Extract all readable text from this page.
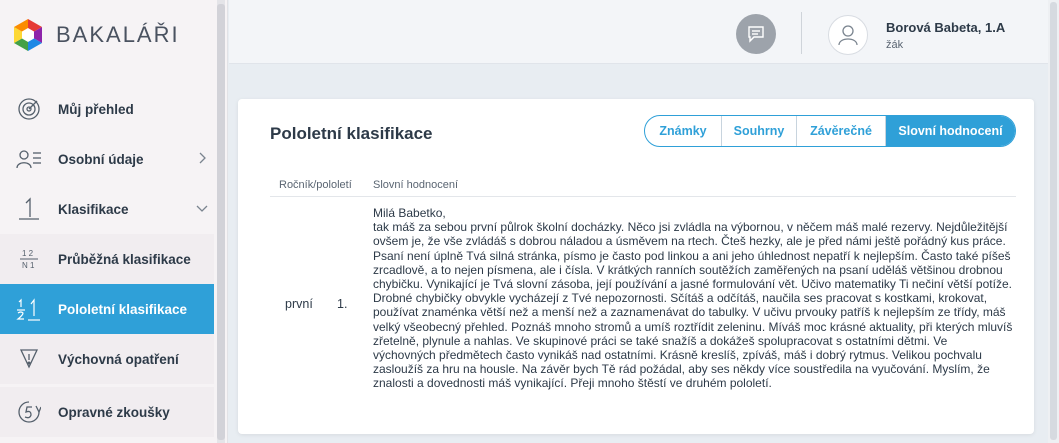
BAKALÁŘI
Můj přehled
Osobní údaje
Klasifikace
1 2
N 1 Průběžná klasifikace
Pololetní klasifikace
Výchovná opatření
Opravné zkoušky
Borová Babeta, 1.A
žák
Pololetní klasifikace	Známky	Souhrny	Závěrečné	Slovní hodnocení
Ročník/pololetí Slovní hodnocení
první 1.
Milá Babetko,
tak máš za sebou první půlrok školní docházky. Něco jsi zvládla na výbornou, v něčem máš malé rezervy. Nejdůležitější ovšem je, že vše zvládáš s dobrou náladou a úsměvem na rtech. Čteš hezky, ale je před námi ještě pořádný kus práce. Psaní není úplně Tvá silná stránka, písmo je často pod linkou a ani jeho úhlednost nepatří k nejlepším. Často také píšeš zrcadlově, a to nejen písmena, ale i čísla. V krátkých ranních soutěžích zaměřených na psaní uděláš většinou drobnou chybičku. Vynikající je Tvá slovní zásoba, její používání a jasné formulování vět. Učivo matematiky Ti nečiní větší potíže. Drobné chybičky obvykle vycházejí z Tvé nepozornosti. Sčítáš a odčítáš, naučila ses pracovat s kostkami, krokovat, používat znaménka větší než a menší než a zaznamenávat do tabulky. V učivu prvouky patříš k nejlepším ze třídy, máš velký všeobecný přehled. Poznáš mnoho stromů a umíš roztřídit zeleninu. Míváš moc krásné aktuality, při kterých mluvíš zřetelně, plynule a nahlas. Ve skupinové práci se také snažíš a dokážeš spolupracovat s ostatními dětmi. Ve výchovných předmětech často vynikáš nad ostatními. Krásně kreslíš, zpíváš, máš i dobrý rytmus. Velikou pochvalu zasloužíš za hru na housle. Na závěr bych Tě rád požádal, aby ses někdy více soustředila na vyučování. Myslím, že znalosti a dovednosti máš vynikající. Přeji mnoho štěstí ve druhém pololetí.
